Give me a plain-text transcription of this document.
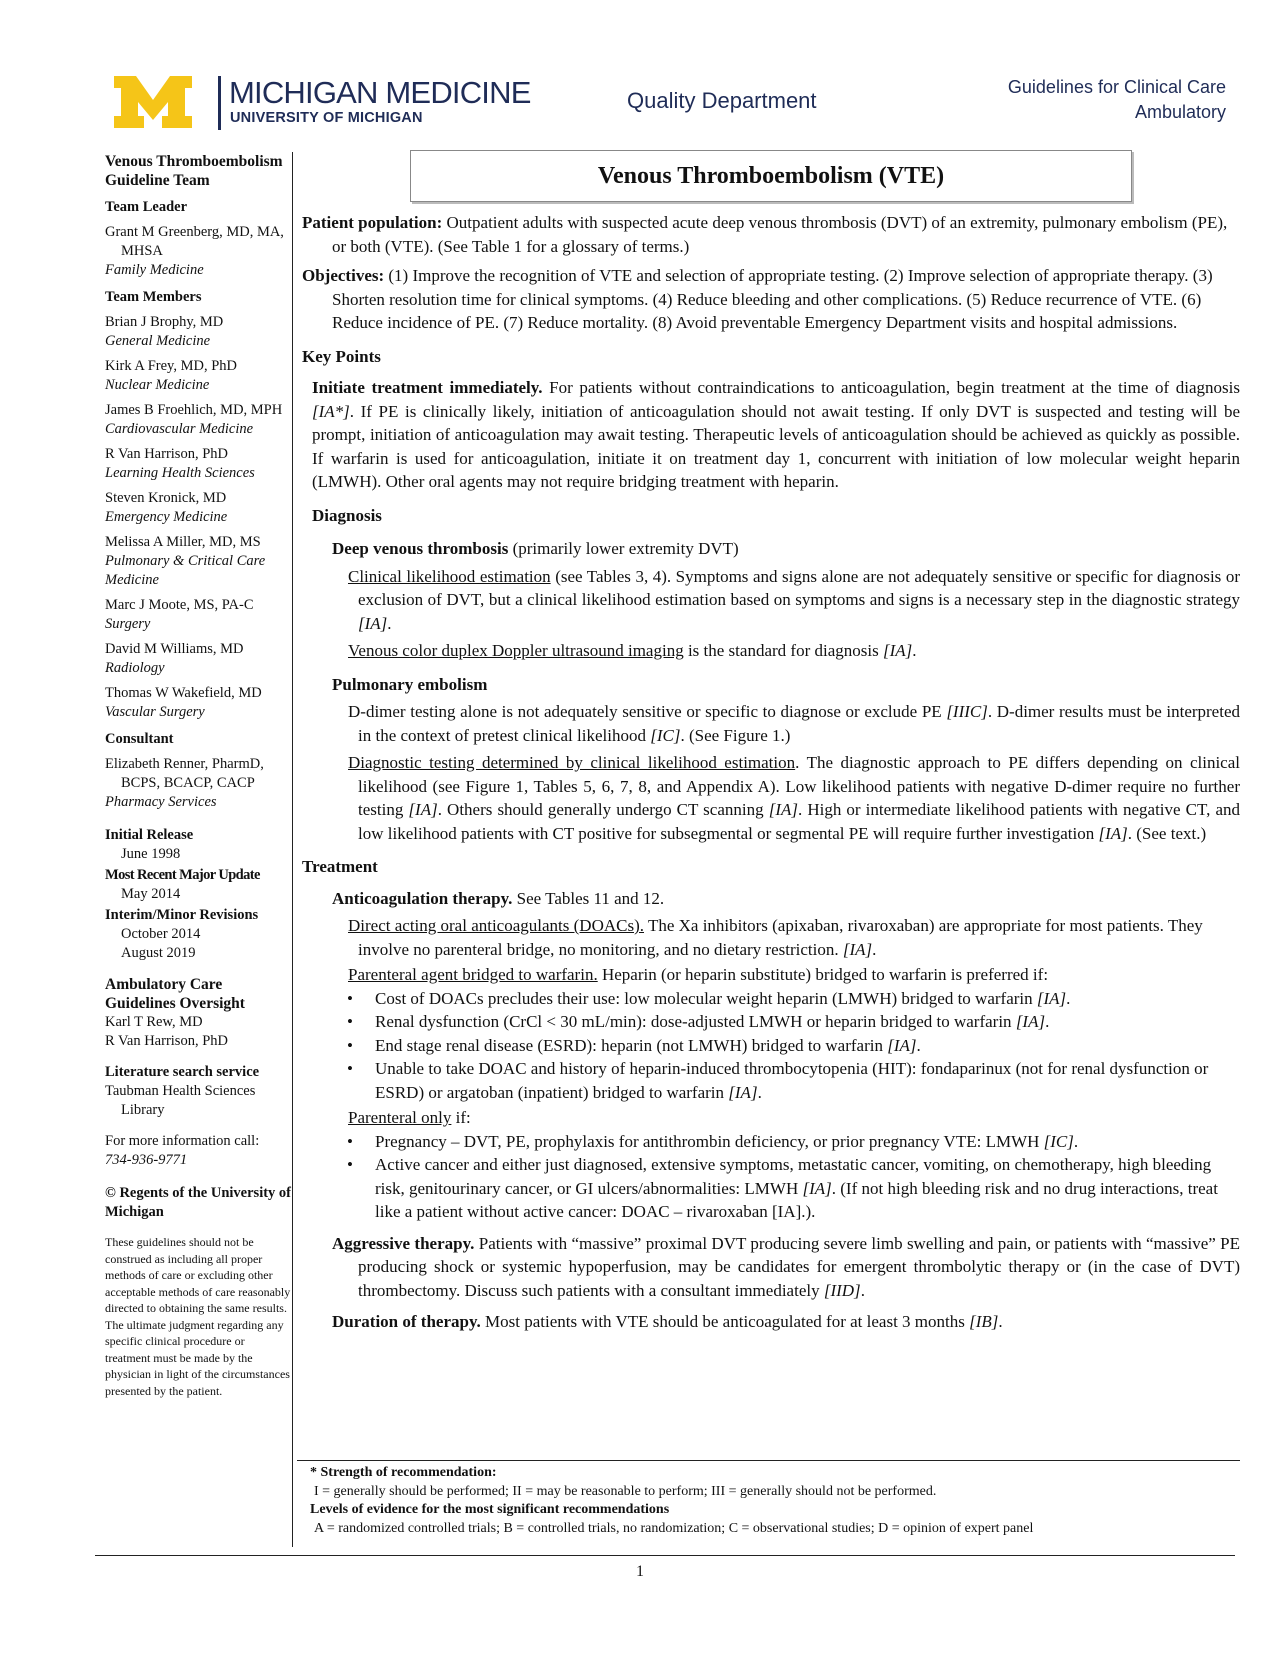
MICHIGAN MEDICINE
UNIVERSITY OF MICHIGAN
Quality Department
Guidelines for Clinical Care
Ambulatory
Venous Thromboembolism Guideline Team
Team Leader
Grant M Greenberg, MD, MA, MHSA
Family Medicine
Team Members
Brian J Brophy, MD
General Medicine
Kirk A Frey, MD, PhD
Nuclear Medicine
James B Froehlich, MD, MPH
Cardiovascular Medicine
R Van Harrison, PhD
Learning Health Sciences
Steven Kronick, MD
Emergency Medicine
Melissa A Miller, MD, MS
Pulmonary & Critical Care Medicine
Marc J Moote, MS, PA-C
Surgery
David M Williams, MD
Radiology
Thomas W Wakefield, MD
Vascular Surgery
Consultant
Elizabeth Renner, PharmD, BCPS, BCACP, CACP
Pharmacy Services
Initial Release
June 1998
Most Recent Major Update
May 2014
Interim/Minor Revisions
October 2014
August 2019
Ambulatory Care Guidelines Oversight
Karl T Rew, MD
R Van Harrison, PhD
Literature search service
Taubman Health Sciences Library
For more information call:
734-936-9771
© Regents of the University of Michigan
These guidelines should not be construed as including all proper methods of care or excluding other acceptable methods of care reasonably directed to obtaining the same results. The ultimate judgment regarding any specific clinical procedure or treatment must be made by the physician in light of the circumstances presented by the patient.
Venous Thromboembolism (VTE)

Patient population: Outpatient adults with suspected acute deep venous thrombosis (DVT) of an extremity, pulmonary embolism (PE), or both (VTE). (See Table 1 for a glossary of terms.)

Objectives: (1) Improve the recognition of VTE and selection of appropriate testing. (2) Improve selection of appropriate therapy. (3) Shorten resolution time for clinical symptoms. (4) Reduce bleeding and other complications. (5) Reduce recurrence of VTE. (6) Reduce incidence of PE. (7) Reduce mortality. (8) Avoid preventable Emergency Department visits and hospital admissions.

Key Points

Initiate treatment immediately. For patients without contraindications to anticoagulation, begin treatment at the time of diagnosis [IA*]. If PE is clinically likely, initiation of anticoagulation should not await testing. If only DVT is suspected and testing will be prompt, initiation of anticoagulation may await testing. Therapeutic levels of anticoagulation should be achieved as quickly as possible. If warfarin is used for anticoagulation, initiate it on treatment day 1, concurrent with initiation of low molecular weight heparin (LMWH). Other oral agents may not require bridging treatment with heparin.

Diagnosis

Deep venous thrombosis (primarily lower extremity DVT)

Clinical likelihood estimation (see Tables 3, 4). Symptoms and signs alone are not adequately sensitive or specific for diagnosis or exclusion of DVT, but a clinical likelihood estimation based on symptoms and signs is a necessary step in the diagnostic strategy [IA].

Venous color duplex Doppler ultrasound imaging is the standard for diagnosis [IA].

Pulmonary embolism

D-dimer testing alone is not adequately sensitive or specific to diagnose or exclude PE [IIIC]. D-dimer results must be interpreted in the context of pretest clinical likelihood [IC]. (See Figure 1.)

Diagnostic testing determined by clinical likelihood estimation. The diagnostic approach to PE differs depending on clinical likelihood (see Figure 1, Tables 5, 6, 7, 8, and Appendix A). Low likelihood patients with negative D-dimer require no further testing [IA]. Others should generally undergo CT scanning [IA]. High or intermediate likelihood patients with negative CT, and low likelihood patients with CT positive for subsegmental or segmental PE will require further investigation [IA]. (See text.)

Treatment

Anticoagulation therapy. See Tables 11 and 12.

Direct acting oral anticoagulants (DOACs). The Xa inhibitors (apixaban, rivaroxaban) are appropriate for most patients. They involve no parenteral bridge, no monitoring, and no dietary restriction. [IA].

Parenteral agent bridged to warfarin. Heparin (or heparin substitute) bridged to warfarin is preferred if:

• Cost of DOACs precludes their use: low molecular weight heparin (LMWH) bridged to warfarin [IA].
• Renal dysfunction (CrCl < 30 mL/min): dose-adjusted LMWH or heparin bridged to warfarin [IA].
• End stage renal disease (ESRD): heparin (not LMWH) bridged to warfarin [IA].
• Unable to take DOAC and history of heparin-induced thrombocytopenia (HIT): fondaparinux (not for renal dysfunction or ESRD) or argatoban (inpatient) bridged to warfarin [IA].

Parenteral only if:

• Pregnancy – DVT, PE, prophylaxis for antithrombin deficiency, or prior pregnancy VTE: LMWH [IC].
• Active cancer and either just diagnosed, extensive symptoms, metastatic cancer, vomiting, on chemotherapy, high bleeding risk, genitourinary cancer, or GI ulcers/abnormalities: LMWH [IA]. (If not high bleeding risk and no drug interactions, treat like a patient without active cancer: DOAC – rivaroxaban [IA].).

Aggressive therapy. Patients with “massive” proximal DVT producing severe limb swelling and pain, or patients with “massive” PE producing shock or systemic hypoperfusion, may be candidates for emergent thrombolytic therapy or (in the case of DVT) thrombectomy. Discuss such patients with a consultant immediately [IID].

Duration of therapy. Most patients with VTE should be anticoagulated for at least 3 months [IB].

* Strength of recommendation:
I = generally should be performed; II = may be reasonable to perform; III = generally should not be performed.
Levels of evidence for the most significant recommendations
A = randomized controlled trials; B = controlled trials, no randomization; C = observational studies; D = opinion of expert panel
1
